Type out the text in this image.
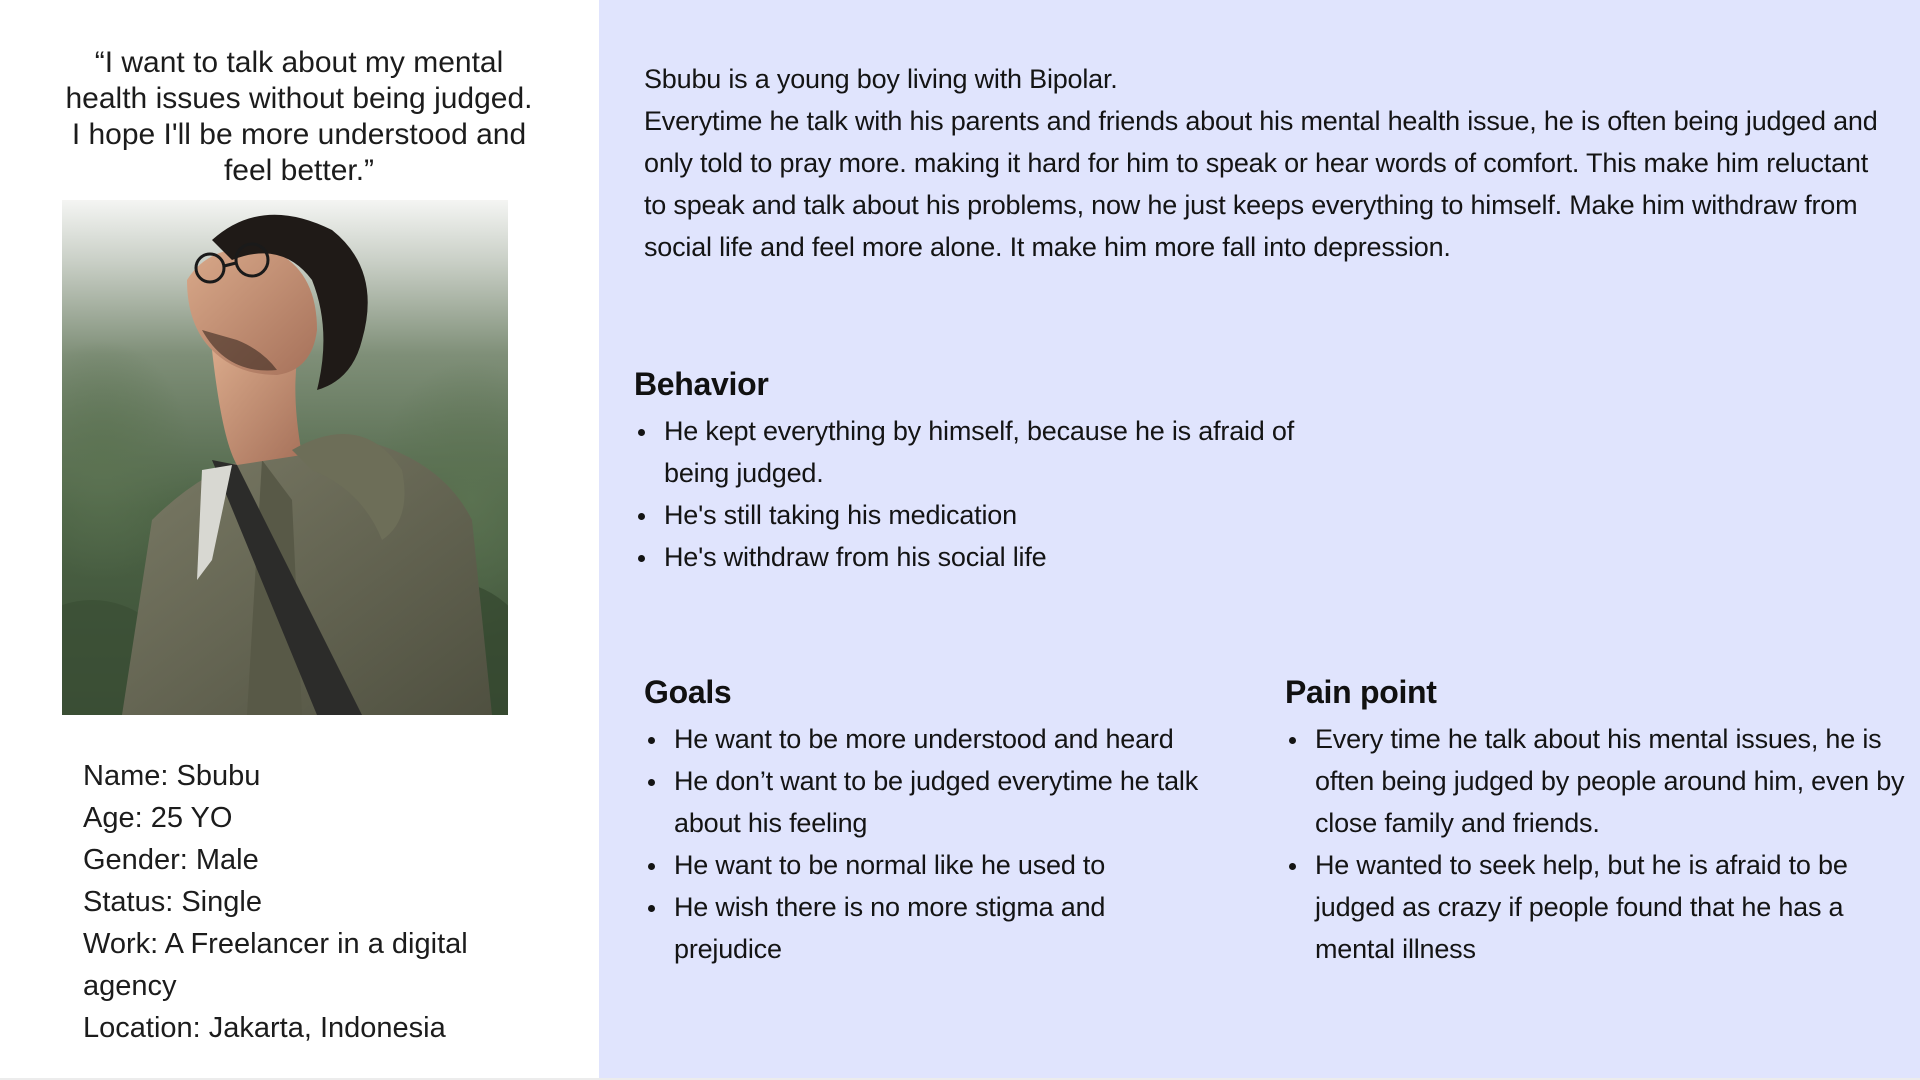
“I want to talk about my mental health issues without being judged. I hope I'll be more understood and feel better.”
Name: Sbubu
Age: 25 YO
Gender: Male
Status: Single
Work: A Freelancer in a digital agency
Location: Jakarta, Indonesia

Sbubu is a young boy living with Bipolar.

Everytime he talk with his parents and friends about his mental health issue, he is often being judged and only told to pray more. making it hard for him to speak or hear words of comfort. This make him reluctant to speak and talk about his problems, now he just keeps everything to himself. Make him withdraw from social life and feel more alone. It make him more fall into depression.

Behavior
He kept everything by himself, because he is afraid of being judged.
He's still taking his medication
He's withdraw from his social life
Goals
He want to be more understood and heard
He don’t want to be judged everytime he talk about his feeling
He want to be normal like he used to
He wish there is no more stigma and prejudice
Pain point
Every time he talk about his mental issues, he is often being judged by people around him, even by close family and friends.
He wanted to seek help, but he is afraid to be judged as crazy if people found that he has a mental illness
